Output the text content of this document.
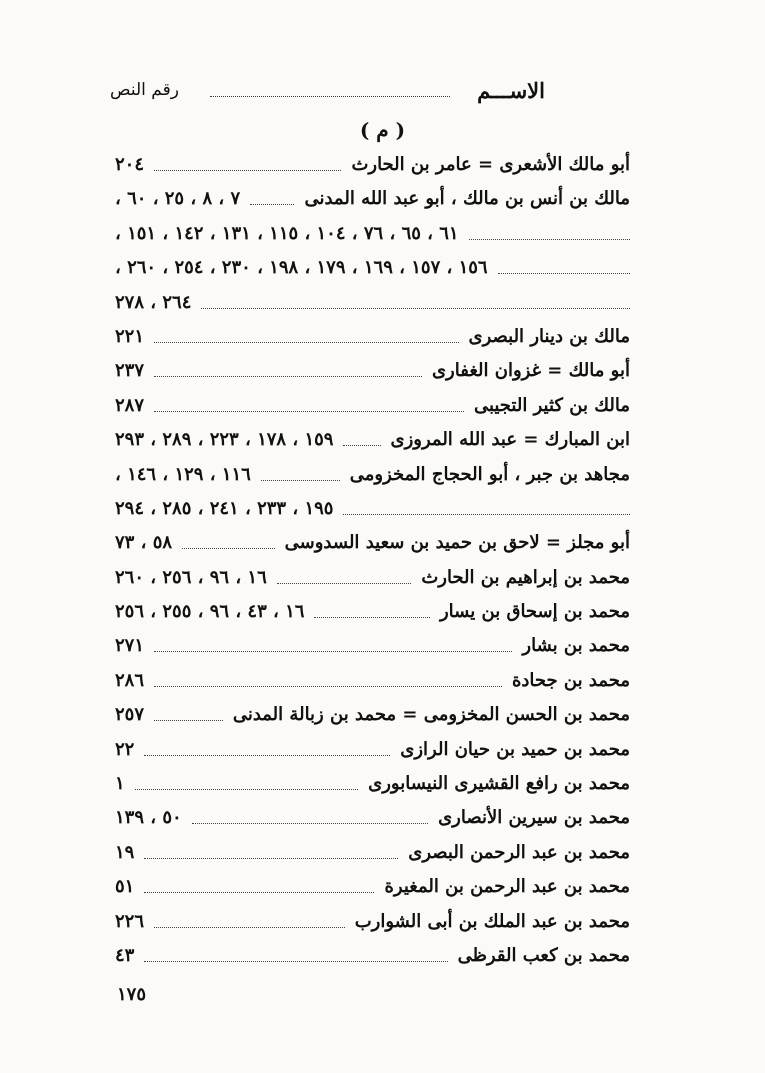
الاســـم
رقم النص
( م )
أبو مالك الأشعرى = عامر بن الحارث
٢٠٤
مالك بن أنس بن مالك ، أبو عبد الله المدنى
٧ ، ٨ ، ٢٥ ، ٦٠ ،
٦١ ، ٦٥ ، ٧٦ ، ١٠٤ ، ١١٥ ، ١٣١ ، ١٤٢ ، ١٥١ ،
١٥٦ ، ١٥٧ ، ١٦٩ ، ١٧٩ ، ١٩٨ ، ٢٣٠ ، ٢٥٤ ، ٢٦٠ ،
٢٦٤ ، ٢٧٨
مالك بن دينار البصرى
٢٢١
أبو مالك = غزوان الغفارى
٢٣٧
مالك بن كثير التجيبى
٢٨٧
ابن المبارك = عبد الله المروزى
١٥٩ ، ١٧٨ ، ٢٢٣ ، ٢٨٩ ، ٢٩٣
مجاهد بن جبر ، أبو الحجاج المخزومى
١١٦ ، ١٢٩ ، ١٤٦ ،
١٩٥ ، ٢٣٣ ، ٢٤١ ، ٢٨٥ ، ٢٩٤
أبو مجلز = لاحق بن حميد بن سعيد السدوسى
٥٨ ، ٧٣
محمد بن إبراهيم بن الحارث
١٦ ، ٩٦ ، ٢٥٦ ، ٢٦٠
محمد بن إسحاق بن يسار
١٦ ، ٤٣ ، ٩٦ ، ٢٥٥ ، ٢٥٦
محمد بن بشار
٢٧١
محمد بن جحادة
٢٨٦
محمد بن الحسن المخزومى = محمد بن زبالة المدنى
٢٥٧
محمد بن حميد بن حيان الرازى
٢٢
محمد بن رافع القشيرى النيسابورى
١
محمد بن سيرين الأنصارى
٥٠ ، ١٣٩
محمد بن عبد الرحمن البصرى
١٩
محمد بن عبد الرحمن بن المغيرة
٥١
محمد بن عبد الملك بن أبى الشوارب
٢٢٦
محمد بن كعب القرظى
٤٣
١٧٥
